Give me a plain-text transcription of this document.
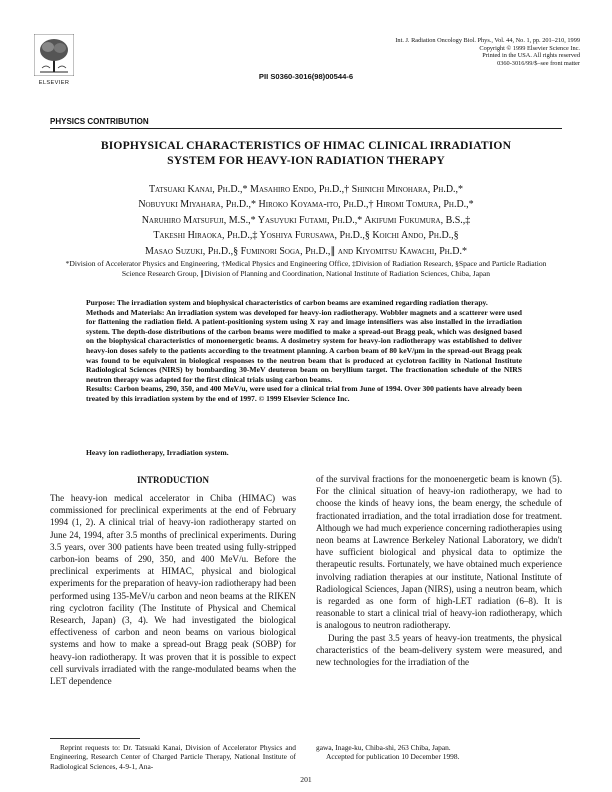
ELSEVIER
Int. J. Radiation Oncology Biol. Phys., Vol. 44, No. 1, pp. 201–210, 1999
Copyright © 1999 Elsevier Science Inc.
Printed in the USA. All rights reserved
0360-3016/99/$–see front matter
PII S0360-3016(98)00544-6
PHYSICS CONTRIBUTION
BIOPHYSICAL CHARACTERISTICS OF HIMAC CLINICAL IRRADIATION
SYSTEM FOR HEAVY-ION RADIATION THERAPY
Tatsuaki Kanai, Ph.D.,* Masahiro Endo, Ph.D.,† Shinichi Minohara, Ph.D.,*
Nobuyuki Miyahara, Ph.D.,* Hiroko Koyama-ito, Ph.D.,† Hiromi Tomura, Ph.D.,*
Naruhiro Matsufuji, M.S.,* Yasuyuki Futami, Ph.D.,* Akifumi Fukumura, B.S.,‡
Takeshi Hiraoka, Ph.D.,‡ Yoshiya Furusawa, Ph.D.,§ Koichi Ando, Ph.D.,§
Masao Suzuki, Ph.D.,§ Fuminori Soga, Ph.D.,∥ and Kiyomitsu Kawachi, Ph.D.*
*Division of Accelerator Physics and Engineering, †Medical Physics and Engineering Office, ‡Division of Radiation Research, §Space and Particle Radiation Science Research Group, ∥Division of Planning and Coordination, National Institute of Radiation Sciences, Chiba, Japan

Purpose: The irradiation system and biophysical characteristics of carbon beams are examined regarding radiation therapy.

Methods and Materials: An irradiation system was developed for heavy-ion radiotherapy. Wobbler magnets and a scatterer were used for flattening the radiation field. A patient-positioning system using X ray and image intensifiers was also installed in the irradiation system. The depth-dose distributions of the carbon beams were modified to make a spread-out Bragg peak, which was designed based on the biophysical characteristics of monoenergetic beams. A dosimetry system for heavy-ion radiotherapy was established to deliver heavy-ion doses safely to the patients according to the treatment planning. A carbon beam of 80 keV/μm in the spread-out Bragg peak was found to be equivalent in biological responses to the neutron beam that is produced at cyclotron facility in National Institute Radiological Sciences (NIRS) by bombarding 30-MeV deuteron beam on beryllium target. The fractionation schedule of the NIRS neutron therapy was adapted for the first clinical trials using carbon beams.

Results: Carbon beams, 290, 350, and 400 MeV/u, were used for a clinical trial from June of 1994. Over 300 patients have already been treated by this irradiation system by the end of 1997. © 1999 Elsevier Science Inc.

Heavy ion radiotherapy, Irradiation system.
INTRODUCTION

The heavy-ion medical accelerator in Chiba (HIMAC) was commissioned for preclinical experiments at the end of February 1994 (1, 2). A clinical trial of heavy-ion radiotherapy started on June 24, 1994, after 3.5 months of preclinical experiments. During 3.5 years, over 300 patients have been treated using fully-stripped carbon-ion beams of 290, 350, and 400 MeV/u. Before the preclinical experiments at HIMAC, physical and biological experiments for the preparation of heavy-ion radiotherapy had been performed using 135-MeV/u carbon and neon beams at the RIKEN ring cyclotron facility (The Institute of Physical and Chemical Research, Japan) (3, 4). We had investigated the biological effectiveness of carbon and neon beams on various biological systems and how to make a spread-out Bragg peak (SOBP) for heavy-ion radiotherapy. It was proven that it is possible to expect cell survivals irradiated with the range-modulated beams when the LET dependence

of the survival fractions for the monoenergetic beam is known (5). For the clinical situation of heavy-ion radiotherapy, we had to choose the kinds of heavy ions, the beam energy, the schedule of fractionated irradiation, and the total irradiation dose for treatment. Although we had much experience concerning radiotherapies using neon beams at Lawrence Berkeley National Laboratory, we didn't have sufficient biological and physical data to optimize the therapeutic results. Fortunately, we have obtained much experience involving radiation therapies at our institute, National Institute of Radiological Sciences, Japan (NIRS), using a neutron beam, which is regarded as one form of high-LET radiation (6–8). It is reasonable to start a clinical trial of heavy-ion radiotherapy, which is analogous to neutron radiotherapy.

During the past 3.5 years of heavy-ion treatments, the physical characteristics of the beam-delivery system were measured, and new technologies for the irradiation of the

Reprint requests to: Dr. Tatsuaki Kanai, Division of Accelerator Physics and Engineering, Research Center of Charged Particle Therapy, National Institute of Radiological Sciences, 4-9-1, Ana-
gawa, Inage-ku, Chiba-shi, 263 Chiba, Japan.
Accepted for publication 10 December 1998.
201
